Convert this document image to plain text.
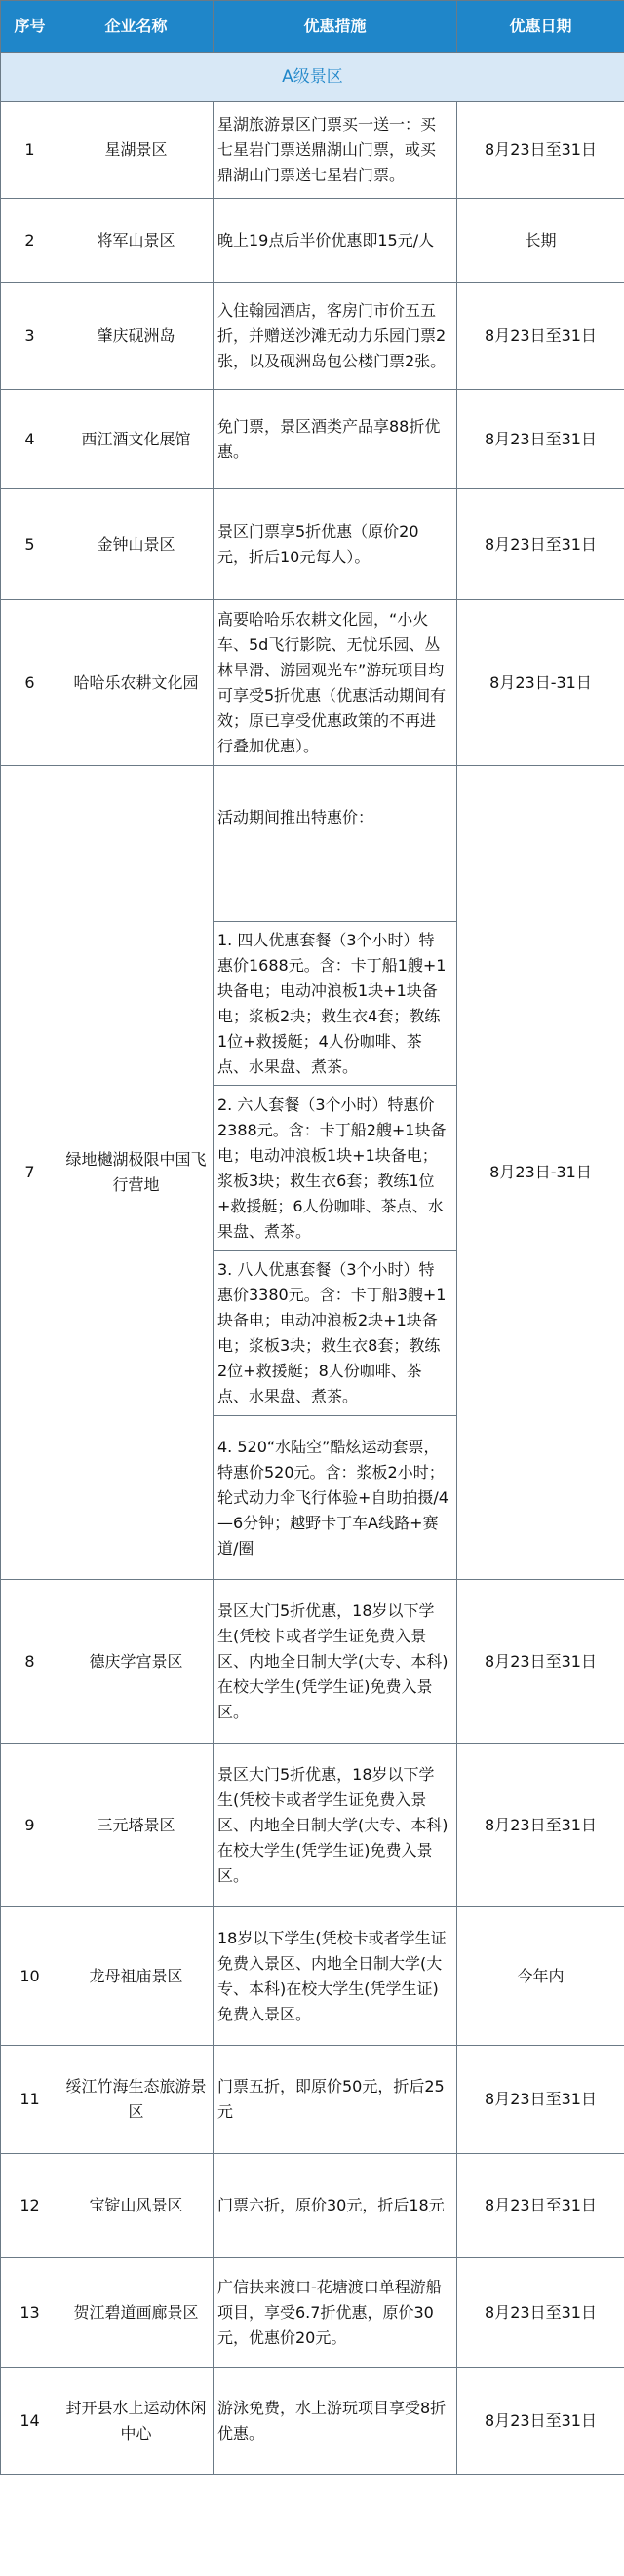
序号	企业名称	优惠措施	优惠日期
A级景区			
1	星湖景区	星湖旅游景区门票买一送一：买七星岩门票送鼎湖山门票，或买鼎湖山门票送七星岩门票。	8月23日至31日
2	将军山景区	晚上19点后半价优惠即15元/人	长期
3	肇庆砚洲岛	入住翰园酒店，客房门市价五五折，并赠送沙滩无动力乐园门票2张，以及砚洲岛包公楼门票2张。	8月23日至31日
4	西江酒文化展馆	免门票，景区酒类产品享88折优惠。	8月23日至31日
5	金钟山景区	景区门票享5折优惠（原价20元，折后10元每人）。	8月23日至31日
6	哈哈乐农耕文化园	高要哈哈乐农耕文化园，“小火车、5d飞行影院、无忧乐园、丛林旱滑、游园观光车”游玩项目均可享受5折优惠（优惠活动期间有效；原已享受优惠政策的不再进行叠加优惠）。	8月23日-31日
7	绿地樾湖极限中国飞行营地	活动期间推出特惠价：	8月23日-31日
		1. 四人优惠套餐（3个小时）特惠价1688元。含：卡丁船1艘+1块备电；电动冲浪板1块+1块备电；浆板2块；救生衣4套；教练1位+救援艇；4人份咖啡、茶点、水果盘、煮茶。	
		2. 六人套餐（3个小时）特惠价2388元。含：卡丁船2艘+1块备电；电动冲浪板1块+1块备电；浆板3块；救生衣6套；教练1位+救援艇；6人份咖啡、茶点、水果盘、煮茶。	
		3. 八人优惠套餐（3个小时）特惠价3380元。含：卡丁船3艘+1块备电；电动冲浪板2块+1块备电；浆板3块；救生衣8套；教练2位+救援艇；8人份咖啡、茶点、水果盘、煮茶。	
		4. 520“水陆空”酷炫运动套票，特惠价520元。含：浆板2小时；轮式动力伞飞行体验+自助拍摄/4—6分钟；越野卡丁车A线路+赛道/圈	
8	德庆学宫景区	景区大门5折优惠，18岁以下学生(凭校卡或者学生证免费入景区、内地全日制大学(大专、本科)在校大学生(凭学生证)免费入景区。	8月23日至31日
9	三元塔景区	景区大门5折优惠，18岁以下学生(凭校卡或者学生证免费入景区、内地全日制大学(大专、本科)在校大学生(凭学生证)免费入景区。	8月23日至31日
10	龙母祖庙景区	18岁以下学生(凭校卡或者学生证免费入景区、内地全日制大学(大专、本科)在校大学生(凭学生证)免费入景区。	今年内
11	绥江竹海生态旅游景区	门票五折，即原价50元，折后25元	8月23日至31日
12	宝锭山风景区	门票六折，原价30元，折后18元	8月23日至31日
13	贺江碧道画廊景区	广信扶来渡口-花塘渡口单程游船项目，享受6.7折优惠，原价30元，优惠价20元。	8月23日至31日
14	封开县水上运动休闲中心	游泳免费，水上游玩项目享受8折优惠。	8月23日至31日
